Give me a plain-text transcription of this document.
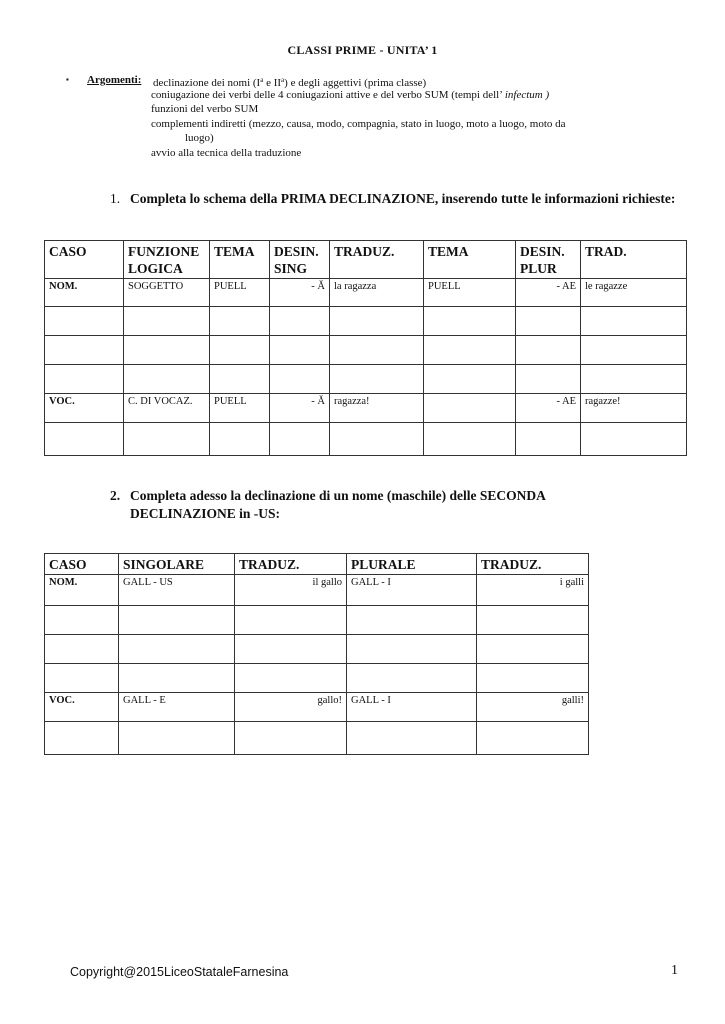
CLASSI PRIME - UNITA’ 1
▪ Argomenti: declinazione dei nomi ($I^a$ e $II^a$) e degli aggettivi (prima classe)
coniugazione dei verbi delle 4 coniugazioni attive e del verbo SUM (tempi dell’ infectum )
funzioni del verbo SUM
complementi indiretti (mezzo, causa, modo, compagnia, stato in luogo, moto a luogo, moto da
luogo)
avvio alla tecnica della traduzione
1. Completa lo schema della PRIMA DECLINAZIONE, inserendo tutte le informazioni richieste:
CASO	FUNZIONE LOGICA	TEMA	DESIN. SING	TRADUZ.	TEMA	DESIN. PLUR	TRAD.
NOM.	SOGGETTO	PUELL	- Ă	la ragazza	PUELL	- AE	le ragazze

VOC.	C. DI VOCAZ.	PUELL	- Ă	ragazza!		- AE	ragazze!

2. Completa adesso la declinazione di un nome (maschile) delle SECONDA DECLINAZIONE in -US:
CASO	SINGOLARE	TRADUZ.	PLURALE	TRADUZ.
NOM.	GALL - US	il gallo	GALL - I	i galli

VOC.	GALL - E	gallo!	GALL - I	galli!

Copyright@2015LiceoStataleFarnesina	1
